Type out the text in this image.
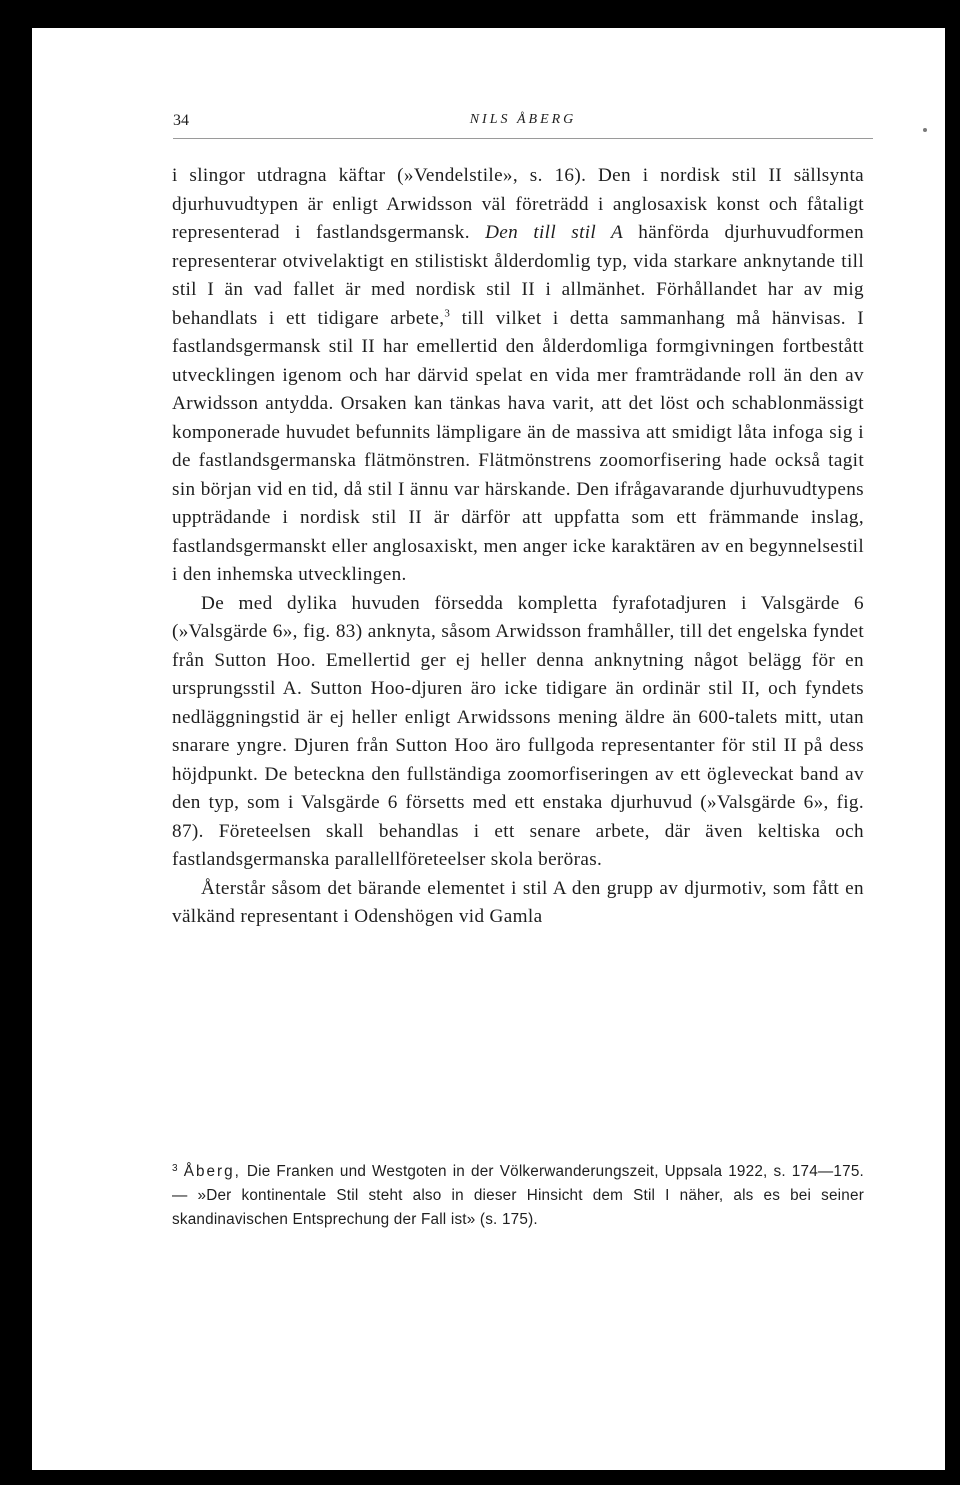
34	NILS ÅBERG

i slingor utdragna käftar (»Vendelstile», s. 16). Den i nordisk stil II sällsynta djurhuvudtypen är enligt Arwidsson väl företrädd i anglosaxisk konst och fåtaligt representerad i fastlandsgermansk. Den till stil A hänförda djurhuvudformen representerar otvivelaktigt en stilistiskt ålderdomlig typ, vida starkare anknytande till stil I än vad fallet är med nordisk stil II i allmänhet. Förhållandet har av mig behandlats i ett tidigare arbete,$^3$ till vilket i detta sammanhang må hänvisas. I fastlandsgermansk stil II har emellertid den ålderdomliga formgivningen fortbestått utvecklingen igenom och har därvid spelat en vida mer framträdande roll än den av Arwidsson antydda. Orsaken kan tänkas hava varit, att det löst och schablonmässigt komponerade huvudet befunnits lämpligare än de massiva att smidigt låta infoga sig i de fastlandsgermanska flätmönstren. Flätmönstrens zoomorfisering hade också tagit sin början vid en tid, då stil I ännu var härskande. Den ifrågavarande djurhuvudtypens uppträdande i nordisk stil II är därför att uppfatta som ett främmande inslag, fastlandsgermanskt eller anglosaxiskt, men anger icke karaktären av en begynnelsestil i den inhemska utvecklingen.

De med dylika huvuden försedda kompletta fyrafotadjuren i Valsgärde 6 (»Valsgärde 6», fig. 83) anknyta, såsom Arwidsson framhåller, till det engelska fyndet från Sutton Hoo. Emellertid ger ej heller denna anknytning något belägg för en ursprungsstil A. Sutton Hoo-djuren äro icke tidigare än ordinär stil II, och fyndets nedläggningstid är ej heller enligt Arwidssons mening äldre än 600-talets mitt, utan snarare yngre. Djuren från Sutton Hoo äro fullgoda representanter för stil II på dess höjdpunkt. De beteckna den fullständiga zoomorfiseringen av ett ögleveckat band av den typ, som i Valsgärde 6 försetts med ett enstaka djurhuvud (»Valsgärde 6», fig. 87). Företeelsen skall behandlas i ett senare arbete, där även keltiska och fastlandsgermanska parallellföreteelser skola beröras.

Återstår såsom det bärande elementet i stil A den grupp av djurmotiv, som fått en välkänd representant i Odenshögen vid Gamla

$^3$ Åberg, Die Franken und Westgoten in der Völkerwanderungszeit, Uppsala 1922, s. 174—175. — »Der kontinentale Stil steht also in dieser Hinsicht dem Stil I näher, als es bei seiner skandinavischen Entsprechung der Fall ist» (s. 175).
